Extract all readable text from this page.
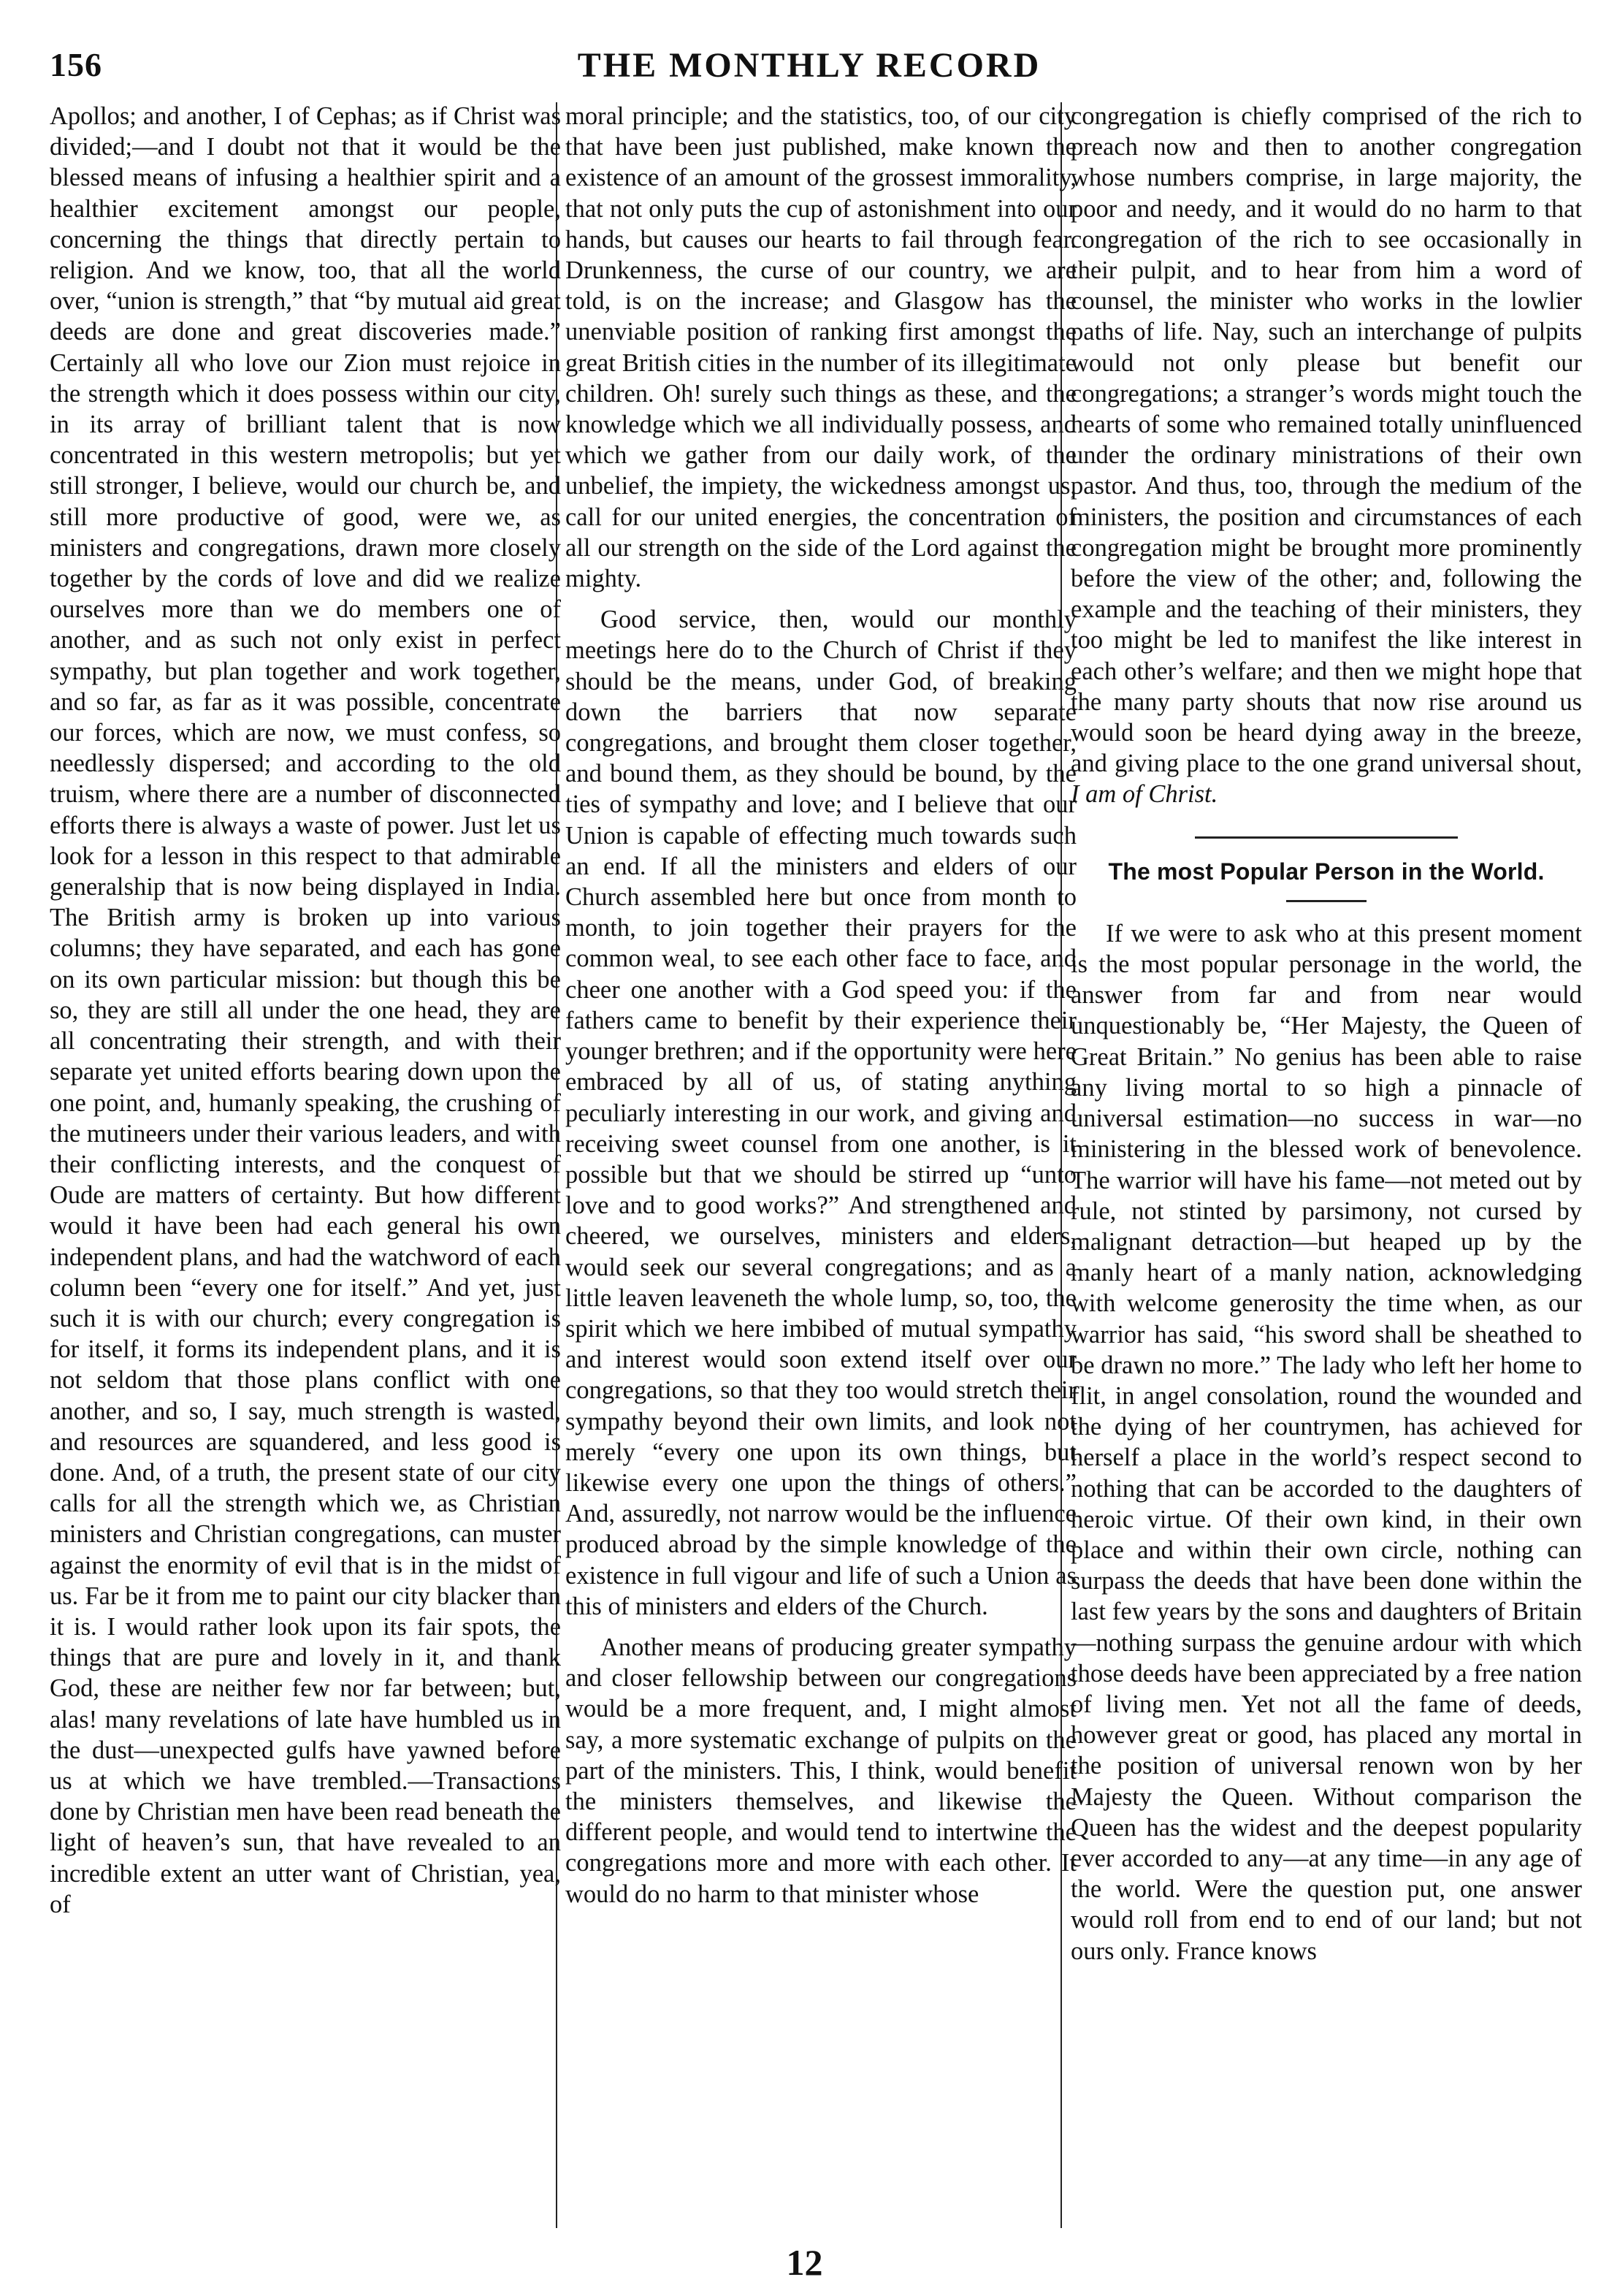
156	THE MONTHLY RECORD

Apollos; and another, I of Cephas; as if Christ was divided;—and I doubt not that it would be the blessed means of infusing a healthier spirit and a healthier excitement amongst our people, concerning the things that directly pertain to religion. And we know, too, that all the world over, “union is strength,” that “by mutual aid great deeds are done and great discoveries made.” Certainly all who love our Zion must rejoice in the strength which it does possess within our city, in its array of brilliant talent that is now concentrated in this western metropolis; but yet still stronger, I believe, would our church be, and still more productive of good, were we, as ministers and congregations, drawn more closely together by the cords of love and did we realize ourselves more than we do members one of another, and as such not only exist in perfect sympathy, but plan together and work together, and so far, as far as it was possible, concentrate our forces, which are now, we must confess, so needlessly dispersed; and according to the old truism, where there are a number of disconnected efforts there is always a waste of power. Just let us look for a lesson in this respect to that admirable generalship that is now being displayed in India. The British army is broken up into various columns; they have separated, and each has gone on its own particular mission: but though this be so, they are still all under the one head, they are all concentrating their strength, and with their separate yet united efforts bearing down upon the one point, and, humanly speaking, the crushing of the mutineers under their various leaders, and with their conflicting interests, and the conquest of Oude are matters of certainty. But how different would it have been had each general his own independent plans, and had the watchword of each column been “every one for itself.” And yet, just such it is with our church; every congregation is for itself, it forms its independent plans, and it is not seldom that those plans conflict with one another, and so, I say, much strength is wasted, and resources are squandered, and less good is done. And, of a truth, the present state of our city calls for all the strength which we, as Christian ministers and Christian congregations, can muster against the enormity of evil that is in the midst of us. Far be it from me to paint our city blacker than it is. I would rather look upon its fair spots, the things that are pure and lovely in it, and thank God, these are neither few nor far between; but, alas! many revelations of late have humbled us in the dust—unexpected gulfs have yawned before us at which we have trembled.—Transactions done by Christian men have been read beneath the light of heaven’s sun, that have revealed to an incredible extent an utter want of Christian, yea, of

moral principle; and the statistics, too, of our city that have been just published, make known the existence of an amount of the grossest immorality, that not only puts the cup of astonishment into our hands, but causes our hearts to fail through fear. Drunkenness, the curse of our country, we are told, is on the increase; and Glasgow has the unenviable position of ranking first amongst the great British cities in the number of its illegitimate children. Oh! surely such things as these, and the knowledge which we all individually possess, and which we gather from our daily work, of the unbelief, the impiety, the wickedness amongst us, call for our united energies, the concentration of all our strength on the side of the Lord against the mighty.

Good service, then, would our monthly meetings here do to the Church of Christ if they should be the means, under God, of breaking down the barriers that now separate congregations, and brought them closer together, and bound them, as they should be bound, by the ties of sympathy and love; and I believe that our Union is capable of effecting much towards such an end. If all the ministers and elders of our Church assembled here but once from month to month, to join together their prayers for the common weal, to see each other face to face, and cheer one another with a God speed you: if the fathers came to benefit by their experience their younger brethren; and if the opportunity were here embraced by all of us, of stating anything peculiarly interesting in our work, and giving and receiving sweet counsel from one another, is it possible but that we should be stirred up “unto love and to good works?” And strengthened and cheered, we ourselves, ministers and elders, would seek our several congregations; and as a little leaven leaveneth the whole lump, so, too, the spirit which we here imbibed of mutual sympathy and interest would soon extend itself over our congregations, so that they too would stretch their sympathy beyond their own limits, and look not merely “every one upon its own things, but likewise every one upon the things of others.” And, assuredly, not narrow would be the influence produced abroad by the simple knowledge of the existence in full vigour and life of such a Union as this of ministers and elders of the Church.

Another means of producing greater sympathy and closer fellowship between our congregations would be a more frequent, and, I might almost say, a more systematic exchange of pulpits on the part of the ministers. This, I think, would benefit the ministers themselves, and likewise the different people, and would tend to intertwine the congregations more and more with each other. It would do no harm to that minister whose

congregation is chiefly comprised of the rich to preach now and then to another congregation whose numbers comprise, in large majority, the poor and needy, and it would do no harm to that congregation of the rich to see occasionally in their pulpit, and to hear from him a word of counsel, the minister who works in the lowlier paths of life. Nay, such an interchange of pulpits would not only please but benefit our congregations; a stranger’s words might touch the hearts of some who remained totally uninfluenced under the ordinary ministrations of their own pastor. And thus, too, through the medium of the ministers, the position and circumstances of each congregation might be brought more prominently before the view of the other; and, following the example and the teaching of their ministers, they too might be led to manifest the like interest in each other’s welfare; and then we might hope that the many party shouts that now rise around us would soon be heard dying away in the breeze, and giving place to the one grand universal shout, I am of Christ.

The most Popular Person in the World.

If we were to ask who at this present moment is the most popular personage in the world, the answer from far and from near would unquestionably be, “Her Majesty, the Queen of Great Britain.” No genius has been able to raise any living mortal to so high a pinnacle of universal estimation—no success in war—no ministering in the blessed work of benevolence. The warrior will have his fame—not meted out by rule, not stinted by parsimony, not cursed by malignant detraction—but heaped up by the manly heart of a manly nation, acknowledging with welcome generosity the time when, as our warrior has said, “his sword shall be sheathed to be drawn no more.” The lady who left her home to flit, in angel consolation, round the wounded and the dying of her countrymen, has achieved for herself a place in the world’s respect second to nothing that can be accorded to the daughters of heroic virtue. Of their own kind, in their own place and within their own circle, nothing can surpass the deeds that have been done within the last few years by the sons and daughters of Britain—nothing surpass the genuine ardour with which those deeds have been appreciated by a free nation of living men. Yet not all the fame of deeds, however great or good, has placed any mortal in the position of universal renown won by her Majesty the Queen. Without comparison the Queen has the widest and the deepest popularity ever accorded to any—at any time—in any age of the world. Were the question put, one answer would roll from end to end of our land; but not ours only. France knows

12
